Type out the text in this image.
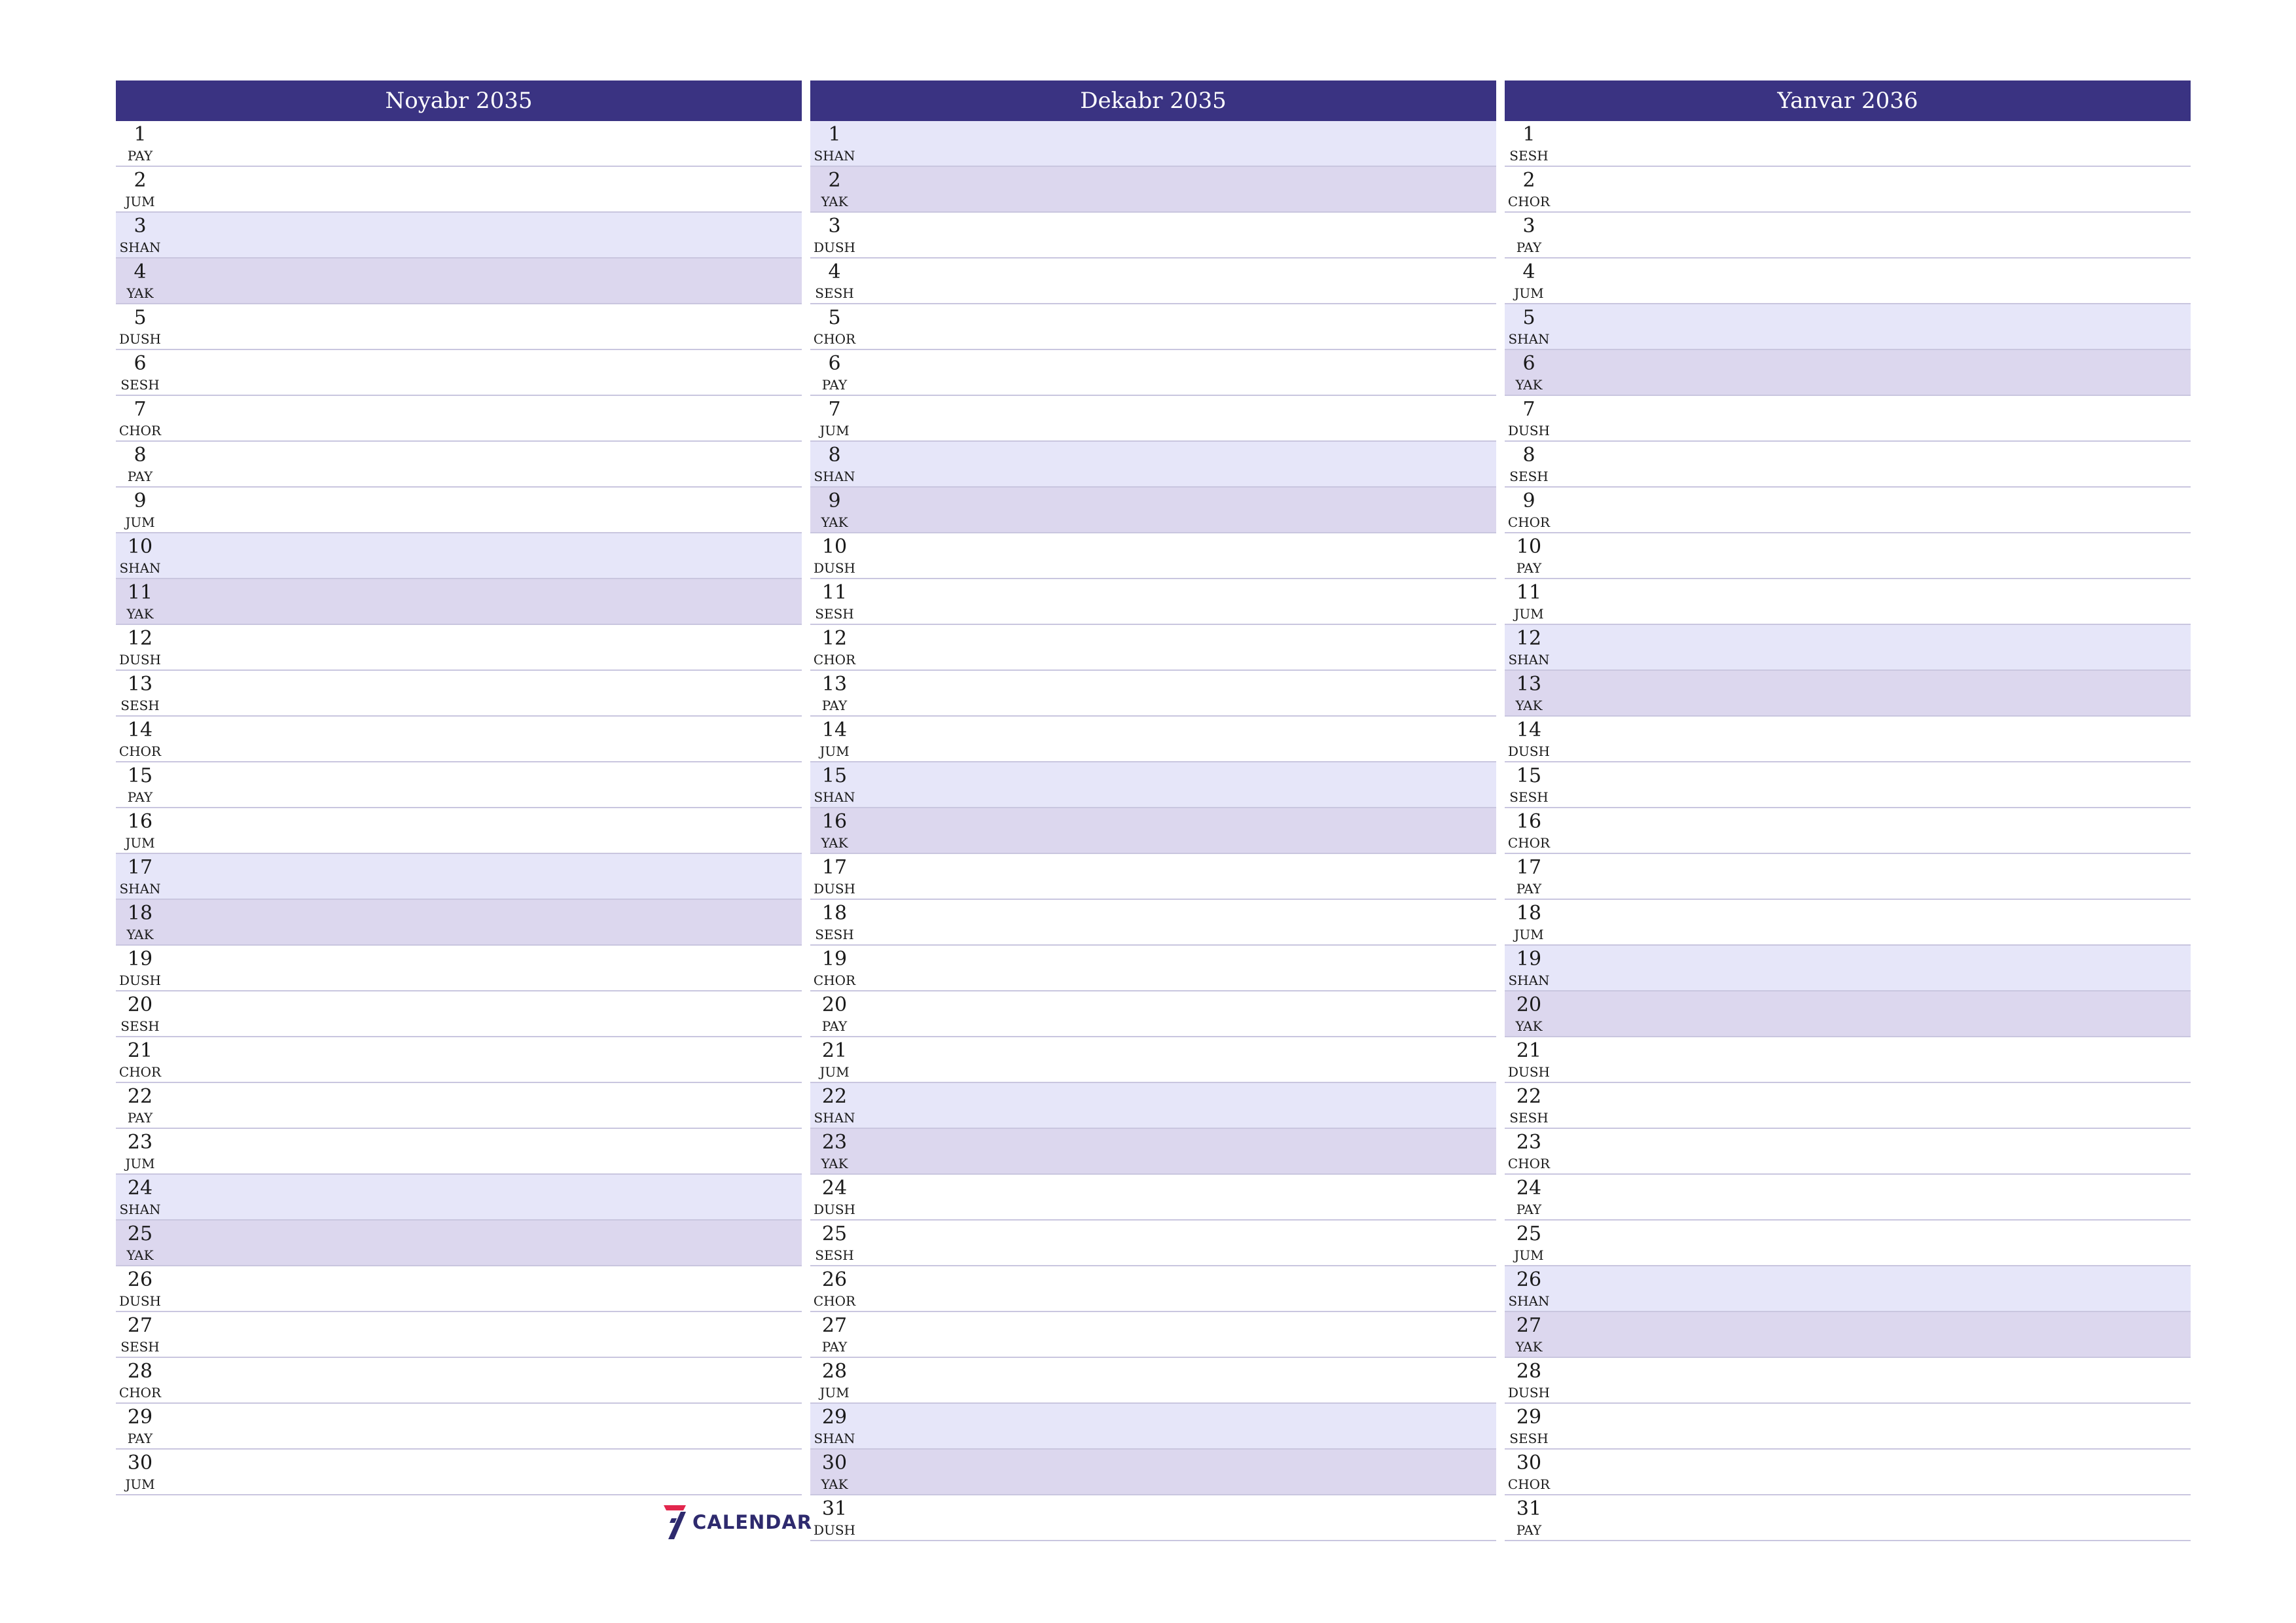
Noyabr 2035
1
PAY
2
JUM
3
SHAN
4
YAK
5
DUSH
6
SESH
7
CHOR
8
PAY
9
JUM
10
SHAN
11
YAK
12
DUSH
13
SESH
14
CHOR
15
PAY
16
JUM
17
SHAN
18
YAK
19
DUSH
20
SESH
21
CHOR
22
PAY
23
JUM
24
SHAN
25
YAK
26
DUSH
27
SESH
28
CHOR
29
PAY
30
JUM
Dekabr 2035
1
SHAN
2
YAK
3
DUSH
4
SESH
5
CHOR
6
PAY
7
JUM
8
SHAN
9
YAK
10
DUSH
11
SESH
12
CHOR
13
PAY
14
JUM
15
SHAN
16
YAK
17
DUSH
18
SESH
19
CHOR
20
PAY
21
JUM
22
SHAN
23
YAK
24
DUSH
25
SESH
26
CHOR
27
PAY
28
JUM
29
SHAN
30
YAK
31
DUSH
Yanvar 2036
1
SESH
2
CHOR
3
PAY
4
JUM
5
SHAN
6
YAK
7
DUSH
8
SESH
9
CHOR
10
PAY
11
JUM
12
SHAN
13
YAK
14
DUSH
15
SESH
16
CHOR
17
PAY
18
JUM
19
SHAN
20
YAK
21
DUSH
22
SESH
23
CHOR
24
PAY
25
JUM
26
SHAN
27
YAK
28
DUSH
29
SESH
30
CHOR
31
PAY
CALENDAR
